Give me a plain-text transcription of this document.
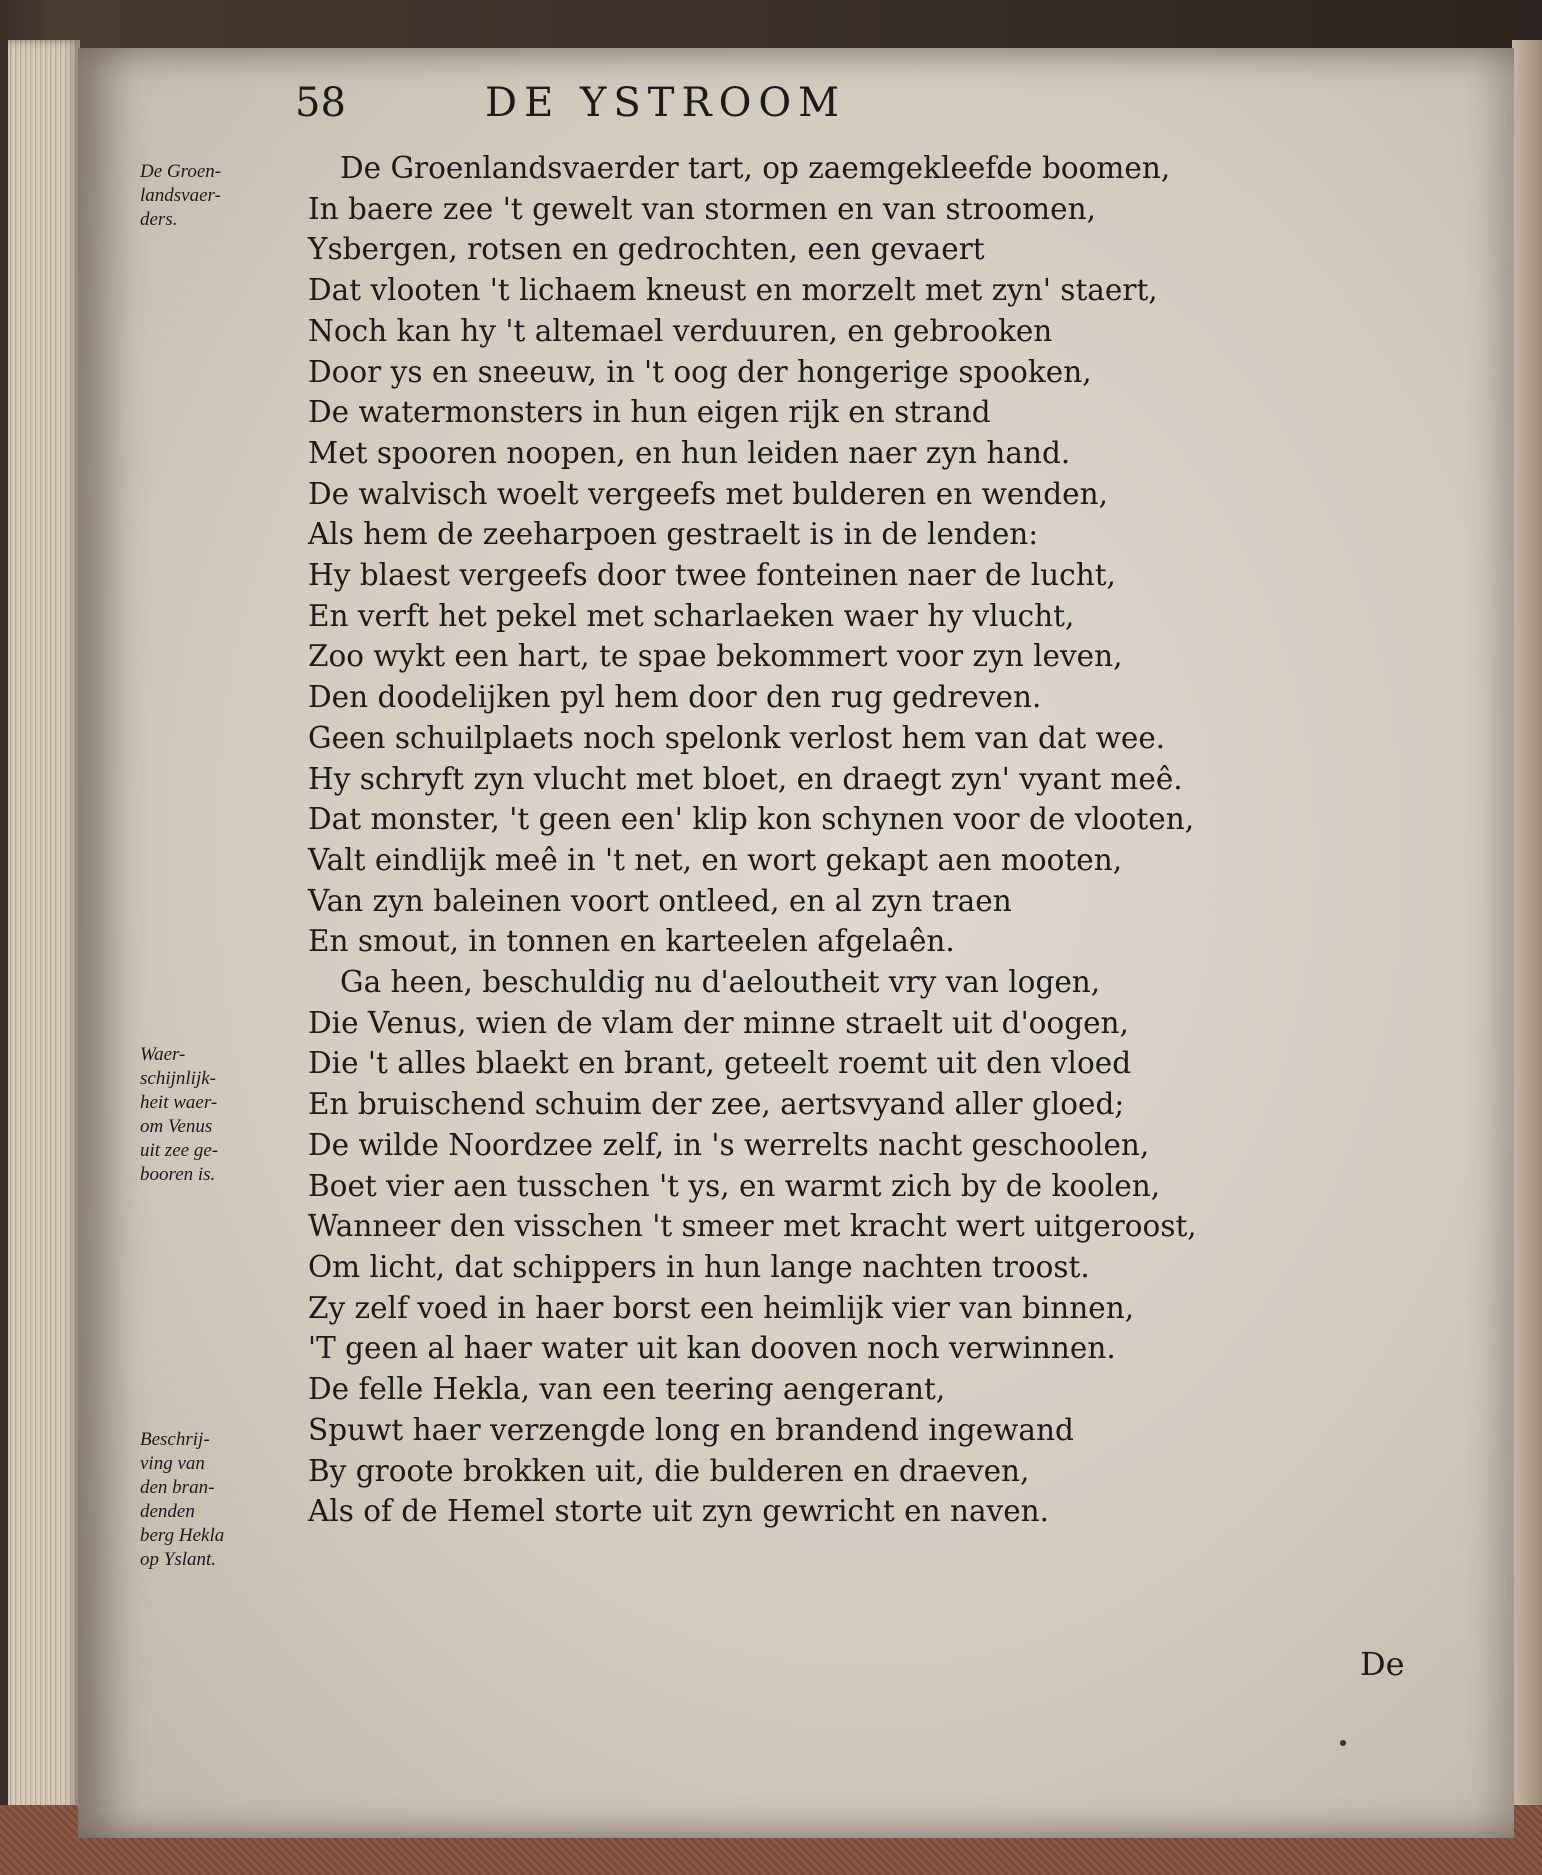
58	DE YSTROOM

De Groen-
landsvaer-
ders.
Waer-
schijnlijk-
heit waer-
om Venus
uit zee ge-
booren is.
Beschrij-
ving van
den bran-
denden
berg Hekla
op Yslant.
De Groenlandsvaerder tart, op zaemgekleefde boomen,
In baere zee 't gewelt van stormen en van stroomen,
Ysbergen, rotsen en gedrochten, een gevaert
Dat vlooten 't lichaem kneust en morzelt met zyn' staert,
Noch kan hy 't altemael verduuren, en gebrooken
Door ys en sneeuw, in 't oog der hongerige spooken,
De watermonsters in hun eigen rijk en strand
Met spooren noopen, en hun leiden naer zyn hand.
De walvisch woelt vergeefs met bulderen en wenden,
Als hem de zeeharpoen gestraelt is in de lenden:
Hy blaest vergeefs door twee fonteinen naer de lucht,
En verft het pekel met scharlaeken waer hy vlucht,
Zoo wykt een hart, te spae bekommert voor zyn leven,
Den doodelijken pyl hem door den rug gedreven.
Geen schuilplaets noch spelonk verlost hem van dat wee.
Hy schryft zyn vlucht met bloet, en draegt zyn' vyant meê.
Dat monster, 't geen een' klip kon schynen voor de vlooten,
Valt eindlijk meê in 't net, en wort gekapt aen mooten,
Van zyn baleinen voort ontleed, en al zyn traen
En smout, in tonnen en karteelen afgelaên.
Ga heen, beschuldig nu d'aeloutheit vry van logen,
Die Venus, wien de vlam der minne straelt uit d'oogen,
Die 't alles blaekt en brant, geteelt roemt uit den vloed
En bruischend schuim der zee, aertsvyand aller gloed;
De wilde Noordzee zelf, in 's werrelts nacht geschoolen,
Boet vier aen tusschen 't ys, en warmt zich by de koolen,
Wanneer den visschen 't smeer met kracht wert uitgeroost,
Om licht, dat schippers in hun lange nachten troost.
Zy zelf voed in haer borst een heimlijk vier van binnen,
'T geen al haer water uit kan dooven noch verwinnen.
De felle Hekla, van een teering aengerant,
Spuwt haer verzengde long en brandend ingewand
By groote brokken uit, die bulderen en draeven,
Als of de Hemel storte uit zyn gewricht en naven.

De
